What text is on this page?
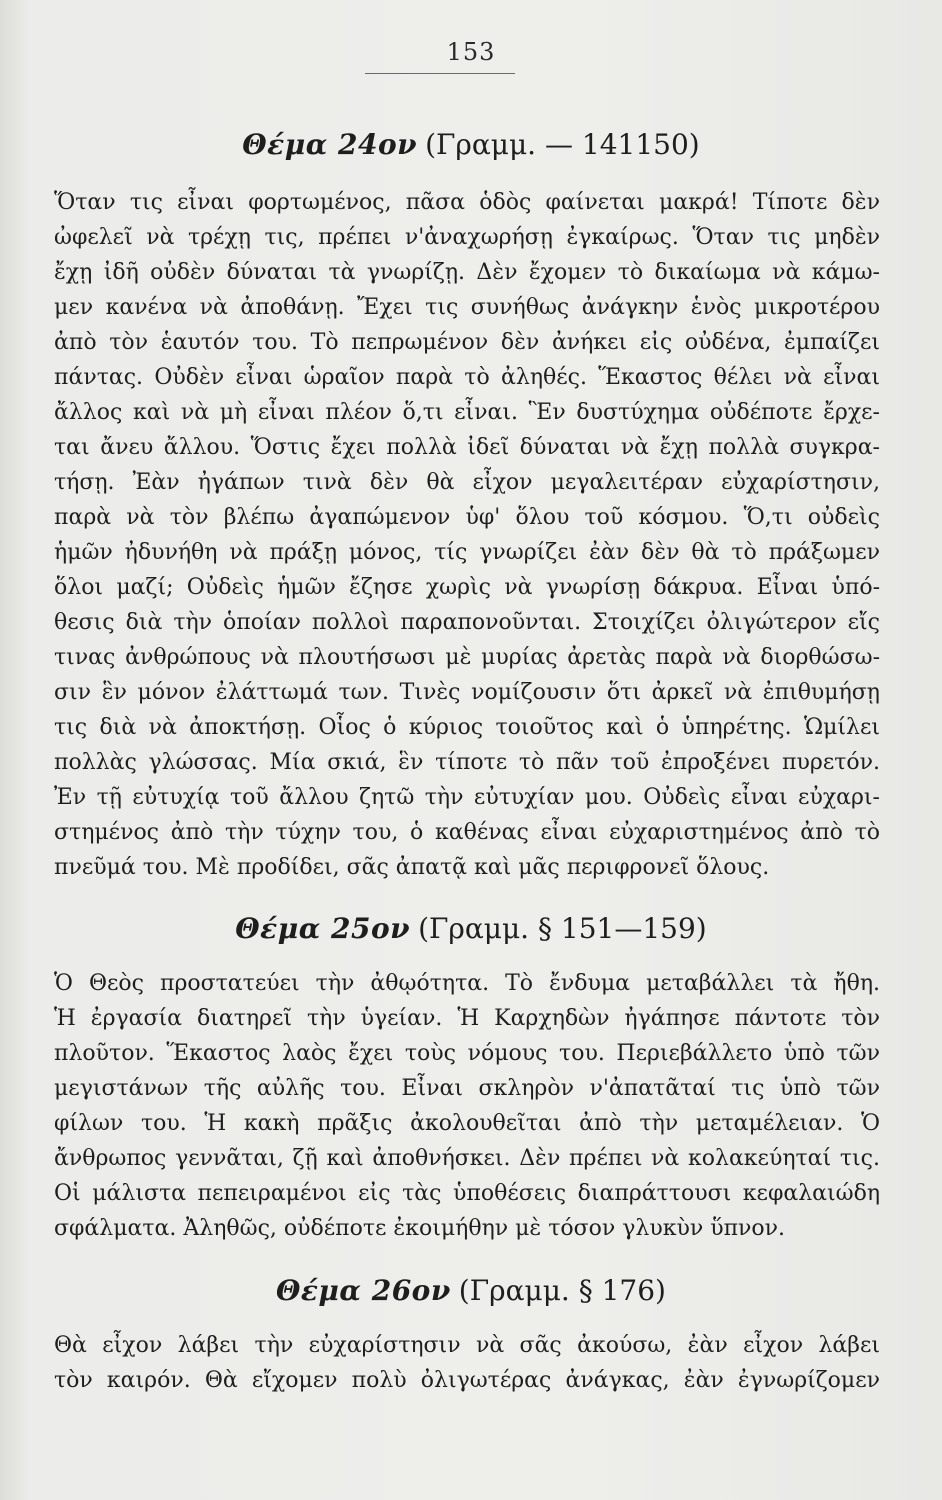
153
Θέμα 24ον (Γραμμ. — 141150)
Ὅταν τις εἶναι φορτωμένος, πᾶσα ὁδὸς φαίνεται μακρά! Τίποτε δὲν
ὠφελεῖ νὰ τρέχῃ τις, πρέπει ν'ἀναχωρήσῃ ἐγκαίρως. Ὅταν τις μηδὲν
ἔχῃ ἰδῆ οὐδὲν δύναται τὰ γνωρίζῃ. Δὲν ἔχομεν τὸ δικαίωμα νὰ κάμω-
μεν κανένα νὰ ἀποθάνῃ. Ἔχει τις συνήθως ἀνάγκην ἑνὸς μικροτέρου
ἀπὸ τὸν ἑαυτόν του. Τὸ πεπρωμένον δὲν ἀνήκει εἰς οὐδένα, ἐμπαίζει
πάντας. Οὐδὲν εἶναι ὡραῖον παρὰ τὸ ἀληθές. Ἕκαστος θέλει νὰ εἶναι
ἄλλος καὶ νὰ μὴ εἶναι πλέον ὅ,τι εἶναι. Ἓν δυστύχημα οὐδέποτε ἔρχε-
ται ἄνευ ἄλλου. Ὅστις ἔχει πολλὰ ἰδεῖ δύναται νὰ ἔχῃ πολλὰ συγκρα-
τήσῃ. Ἐὰν ἠγάπων τινὰ δὲν θὰ εἶχον μεγαλειτέραν εὐχαρίστησιν,
παρὰ νὰ τὸν βλέπω ἀγαπώμενον ὑφ' ὅλου τοῦ κόσμου. Ὅ,τι οὐδεὶς
ἡμῶν ἠδυνήθη νὰ πράξῃ μόνος, τίς γνωρίζει ἐὰν δὲν θὰ τὸ πράξωμεν
ὅλοι μαζί; Οὐδεὶς ἡμῶν ἔζησε χωρὶς νὰ γνωρίσῃ δάκρυα. Εἶναι ὑπό-
θεσις διὰ τὴν ὁποίαν πολλοὶ παραπονοῦνται. Στοιχίζει ὀλιγώτερον εἴς
τινας ἀνθρώπους νὰ πλουτήσωσι μὲ μυρίας ἀρετὰς παρὰ νὰ διορθώσω-
σιν ἓν μόνον ἐλάττωμά των. Τινὲς νομίζουσιν ὅτι ἀρκεῖ νὰ ἐπιθυμήσῃ
τις διὰ νὰ ἀποκτήσῃ. Οἷος ὁ κύριος τοιοῦτος καὶ ὁ ὑπηρέτης. Ὡμίλει
πολλὰς γλώσσας. Μία σκιά, ἓν τίποτε τὸ πᾶν τοῦ ἐπροξένει πυρετόν.
Ἐν τῇ εὐτυχίᾳ τοῦ ἄλλου ζητῶ τὴν εὐτυχίαν μου. Οὐδεὶς εἶναι εὐχαρι-
στημένος ἀπὸ τὴν τύχην του, ὁ καθένας εἶναι εὐχαριστημένος ἀπὸ τὸ
πνεῦμά του. Μὲ προδίδει, σᾶς ἀπατᾷ καὶ μᾶς περιφρονεῖ ὅλους.
Θέμα 25ον (Γραμμ. § 151—159)
Ὁ Θεὸς προστατεύει τὴν ἀθῳότητα. Τὸ ἔνδυμα μεταβάλλει τὰ ἤθη.
Ἡ ἐργασία διατηρεῖ τὴν ὑγείαν. Ἡ Καρχηδὼν ἠγάπησε πάντοτε τὸν
πλοῦτον. Ἕκαστος λαὸς ἔχει τοὺς νόμους του. Περιεβάλλετο ὑπὸ τῶν
μεγιστάνων τῆς αὐλῆς του. Εἶναι σκληρὸν ν'ἀπατᾶταί τις ὑπὸ τῶν
φίλων του. Ἡ κακὴ πρᾶξις ἀκολουθεῖται ἀπὸ τὴν μεταμέλειαν. Ὁ
ἄνθρωπος γεννᾶται, ζῇ καὶ ἀποθνήσκει. Δὲν πρέπει νὰ κολακεύηταί τις.
Οἱ μάλιστα πεπειραμένοι εἰς τὰς ὑποθέσεις διαπράττουσι κεφαλαιώδη
σφάλματα. Ἀληθῶς, οὐδέποτε ἐκοιμήθην μὲ τόσον γλυκὺν ὕπνον.
Θέμα 26ον (Γραμμ. § 176)
Θὰ εἶχον λάβει τὴν εὐχαρίστησιν νὰ σᾶς ἀκούσω, ἐὰν εἶχον λάβει
τὸν καιρόν. Θὰ εἴχομεν πολὺ ὀλιγωτέρας ἀνάγκας, ἐὰν ἐγνωρίζομεν
